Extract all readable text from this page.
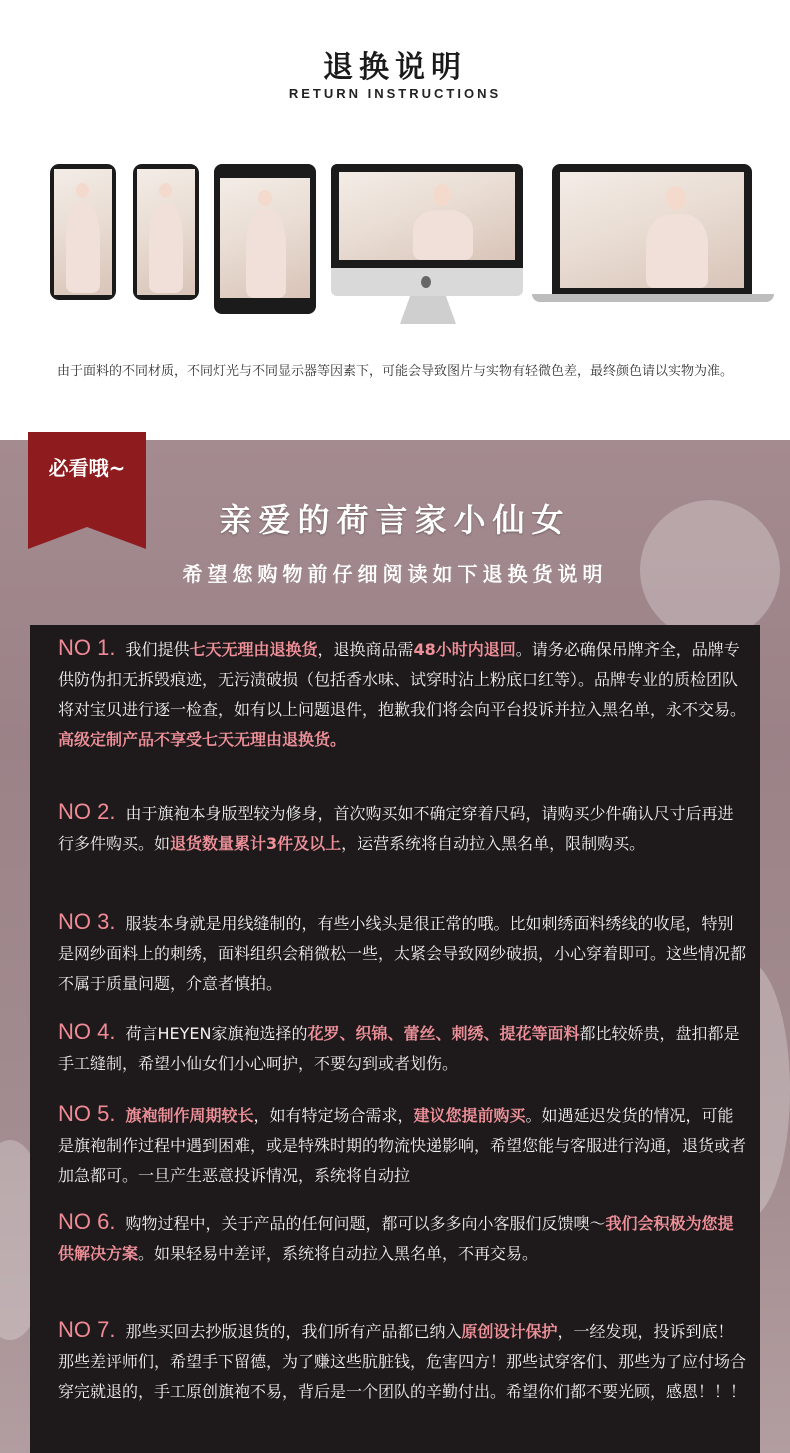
退换说明
RETURN INSTRUCTIONS
由于面料的不同材质，不同灯光与不同显示器等因素下，可能会导致图片与实物有轻微色差，最终颜色请以实物为准。
必看哦~
亲爱的荷言家小仙女
希望您购物前仔细阅读如下退换货说明
NO 1. 我们提供七天无理由退换货，退换商品需48小时内退回。请务必确保吊牌齐全，品牌专供防伪扣无拆毁痕迹，无污渍破损（包括香水味、试穿时沾上粉底口红等）。品牌专业的质检团队将对宝贝进行逐一检查，如有以上问题退件，抱歉我们将会向平台投诉并拉入黑名单，永不交易。高级定制产品不享受七天无理由退换货。
NO 2. 由于旗袍本身版型较为修身，首次购买如不确定穿着尺码，请购买少件确认尺寸后再进行多件购买。如退货数量累计3件及以上，运营系统将自动拉入黑名单，限制购买。
NO 3. 服装本身就是用线缝制的，有些小线头是很正常的哦。比如刺绣面料绣线的收尾，特别是网纱面料上的刺绣，面料组织会稍微松一些，太紧会导致网纱破损，小心穿着即可。这些情况都不属于质量问题，介意者慎拍。
NO 4. 荷言HEYEN家旗袍选择的花罗、织锦、蕾丝、刺绣、提花等面料都比较娇贵，盘扣都是手工缝制，希望小仙女们小心呵护，不要勾到或者划伤。
NO 5. 旗袍制作周期较长，如有特定场合需求，建议您提前购买。如遇延迟发货的情况，可能是旗袍制作过程中遇到困难，或是特殊时期的物流快递影响，希望您能与客服进行沟通，退货或者加急都可。一旦产生恶意投诉情况，系统将自动拉
NO 6. 购物过程中，关于产品的任何问题，都可以多多向小客服们反馈噢～我们会积极为您提供解决方案。如果轻易中差评，系统将自动拉入黑名单，不再交易。
NO 7. 那些买回去抄版退货的，我们所有产品都已纳入原创设计保护，一经发现，投诉到底！那些差评师们，希望手下留德，为了赚这些肮脏钱，危害四方！那些试穿客们、那些为了应付场合穿完就退的，手工原创旗袍不易，背后是一个团队的辛勤付出。希望你们都不要光顾，感恩！！！
